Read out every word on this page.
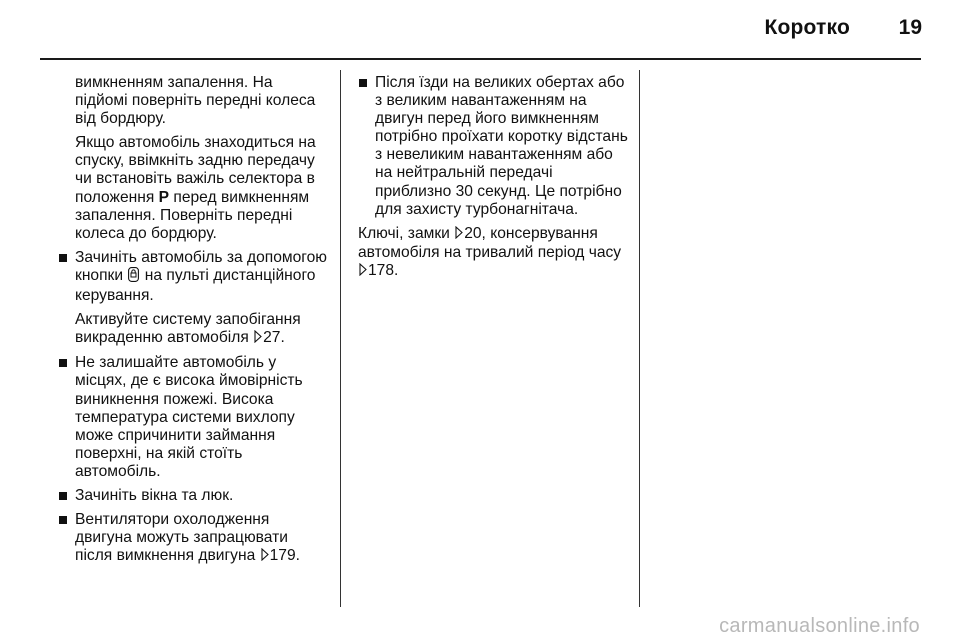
Коротко 19

вимкненням запалення. На підйомі поверніть передні колеса від бордюру.

Якщо автомобіль знаходиться на спуску, ввімкніть задню передачу чи встановіть важіль селектора в положення P перед вимкненням запалення. Поверніть передні колеса до бордюру.

Зачиніть автомобіль за допомогою кнопки  на пульті дистанційного керування.

Активуйте систему запобігання викраденню автомобіля 27.

Не залишайте автомобіль у місцях, де є висока ймовірність виникнення пожежі. Висока температура системи вихлопу може спричинити займання поверхні, на якій стоїть автомобіль.
Зачиніть вікна та люк.
Вентилятори охолодження двигуна можуть запрацювати після вимкнення двигуна 179.
Після їзди на великих обертах або з великим навантаженням на двигун перед його вимкненням потрібно проїхати коротку відстань з невеликим навантаженням або на нейтральній передачі приблизно 30 секунд. Це потрібно для захисту турбонагнітача.

Ключі, замки 20, консервування автомобіля на тривалий період часу 178.

carmanualsonline.info
